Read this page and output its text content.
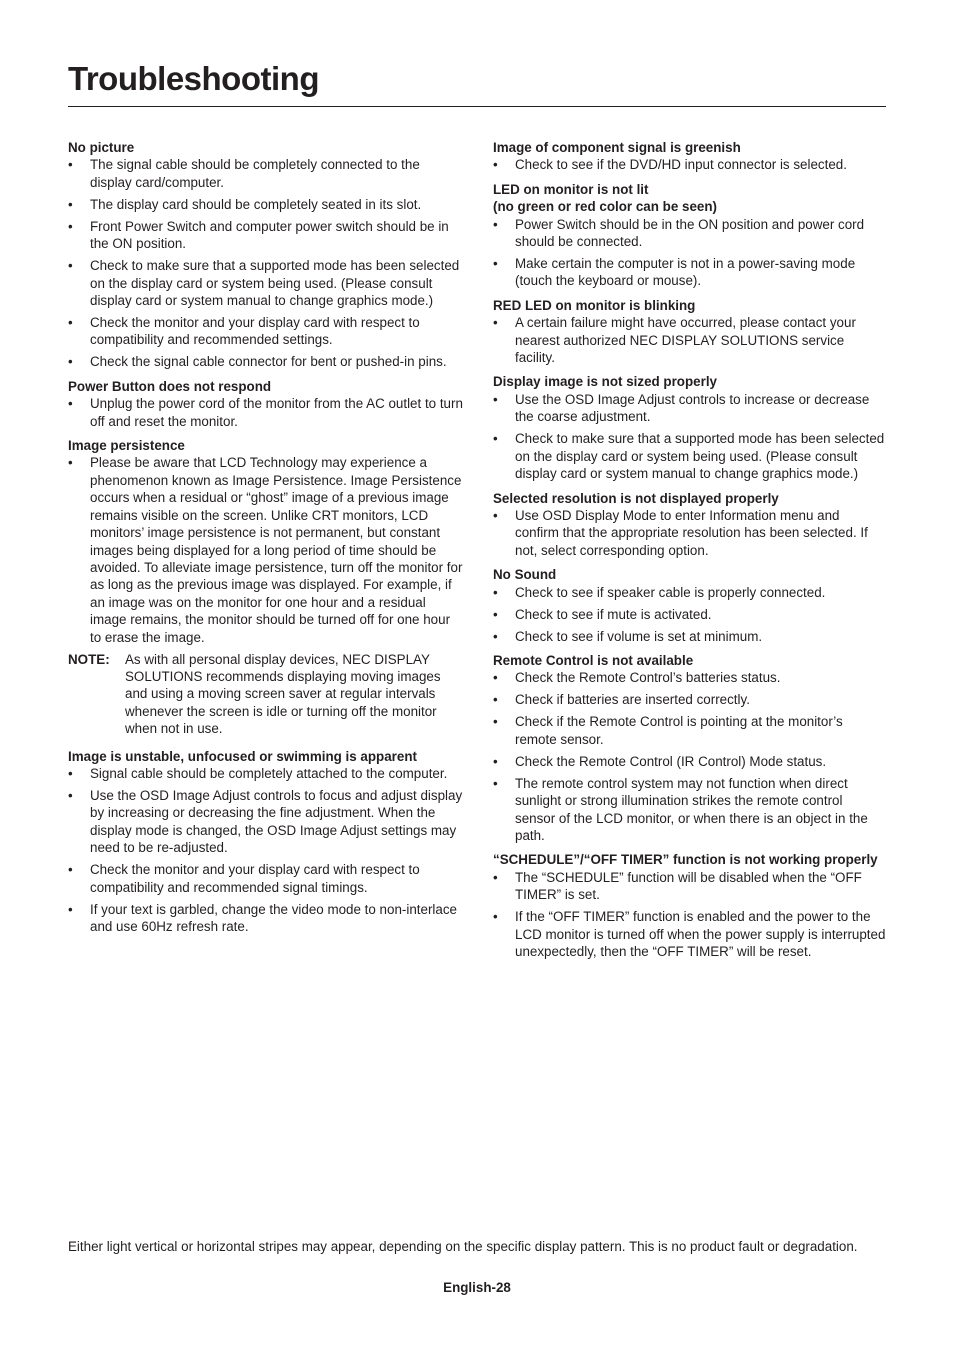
Troubleshooting

No picture

• The signal cable should be completely connected to the display card/computer.
• The display card should be completely seated in its slot.
• Front Power Switch and computer power switch should be in the ON position.
• Check to make sure that a supported mode has been selected on the display card or system being used. (Please consult display card or system manual to change graphics mode.)
• Check the monitor and your display card with respect to compatibility and recommended settings.
• Check the signal cable connector for bent or pushed-in pins.

Power Button does not respond

• Unplug the power cord of the monitor from the AC outlet to turn off and reset the monitor.

Image persistence

• Please be aware that LCD Technology may experience a phenomenon known as Image Persistence. Image Persistence occurs when a residual or “ghost” image of a previous image remains visible on the screen. Unlike CRT monitors, LCD monitors’ image persistence is not permanent, but constant images being displayed for a long period of time should be avoided. To alleviate image persistence, turn off the monitor for as long as the previous image was displayed. For example, if an image was on the monitor for one hour and a residual image remains, the monitor should be turned off for one hour to erase the image.
NOTE:	As with all personal display devices, NEC DISPLAY SOLUTIONS recommends displaying moving images and using a moving screen saver at regular intervals whenever the screen is idle or turning off the monitor when not in use.

Image is unstable, unfocused or swimming is apparent

• Signal cable should be completely attached to the computer.
• Use the OSD Image Adjust controls to focus and adjust display by increasing or decreasing the fine adjustment. When the display mode is changed, the OSD Image Adjust settings may need to be re-adjusted.
• Check the monitor and your display card with respect to compatibility and recommended signal timings.
• If your text is garbled, change the video mode to non-interlace and use 60Hz refresh rate.

Image of component signal is greenish

• Check to see if the DVD/HD input connector is selected.

LED on monitor is not lit

(no green or red color can be seen)

• Power Switch should be in the ON position and power cord should be connected.
• Make certain the computer is not in a power-saving mode (touch the keyboard or mouse).

RED LED on monitor is blinking

• A certain failure might have occurred, please contact your nearest authorized NEC DISPLAY SOLUTIONS service facility.

Display image is not sized properly

• Use the OSD Image Adjust controls to increase or decrease the coarse adjustment.
• Check to make sure that a supported mode has been selected on the display card or system being used. (Please consult display card or system manual to change graphics mode.)

Selected resolution is not displayed properly

• Use OSD Display Mode to enter Information menu and confirm that the appropriate resolution has been selected. If not, select corresponding option.

No Sound

• Check to see if speaker cable is properly connected.
• Check to see if mute is activated.
• Check to see if volume is set at minimum.

Remote Control is not available

• Check the Remote Control’s batteries status.
• Check if batteries are inserted correctly.
• Check if the Remote Control is pointing at the monitor’s remote sensor.
• Check the Remote Control (IR Control) Mode status.
• The remote control system may not function when direct sunlight or strong illumination strikes the remote control sensor of the LCD monitor, or when there is an object in the path.

“SCHEDULE”/“OFF TIMER” function is not working properly

• The “SCHEDULE” function will be disabled when the “OFF TIMER” is set.
• If the “OFF TIMER” function is enabled and the power to the LCD monitor is turned off when the power supply is interrupted unexpectedly, then the “OFF TIMER” will be reset.
Either light vertical or horizontal stripes may appear, depending on the specific display pattern. This is no product fault or degradation.
English-28
